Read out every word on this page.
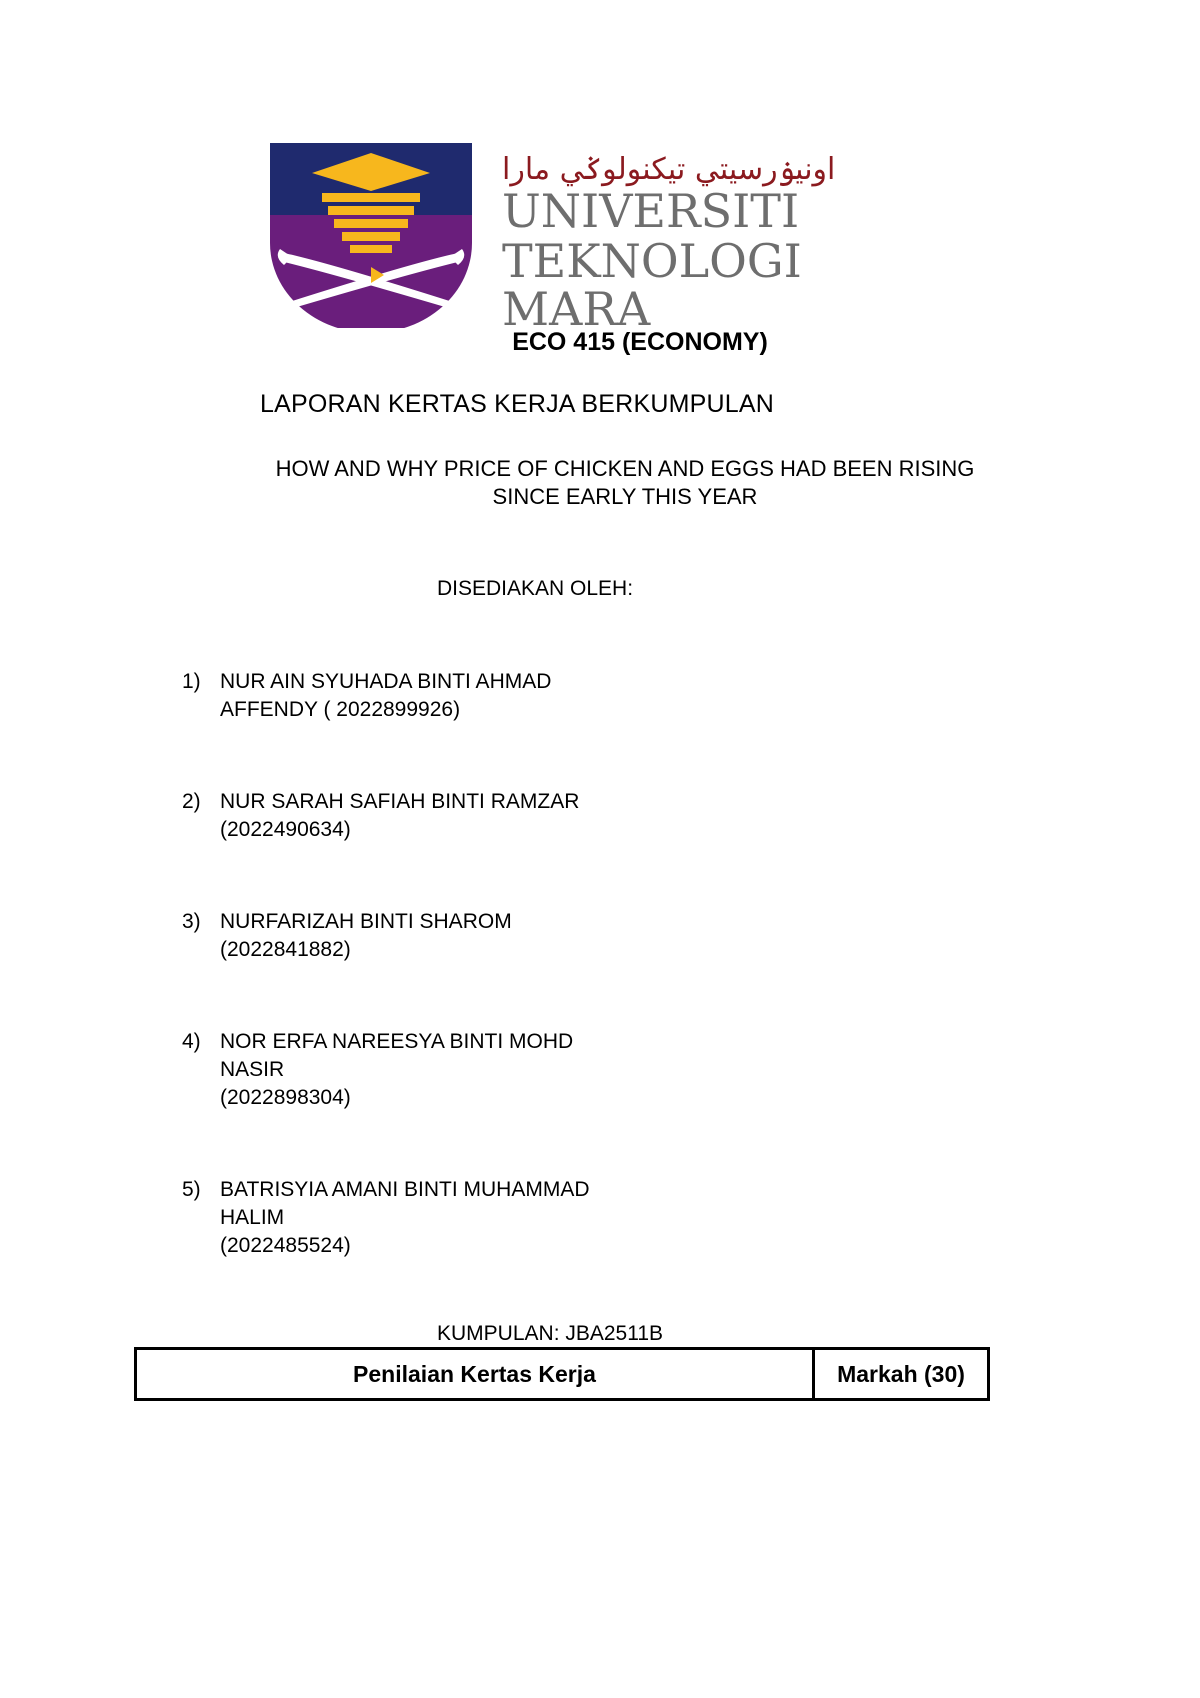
اونيۏرسيتي تيكنولوݢي مارا
UNIVERSITI
TEKNOLOGI
MARA
ECO 415 (ECONOMY)
LAPORAN KERTAS KERJA BERKUMPULAN
HOW AND WHY PRICE OF CHICKEN AND EGGS HAD BEEN RISING
SINCE EARLY THIS YEAR
DISEDIAKAN OLEH:
1) NUR AIN SYUHADA BINTI AHMAD
AFFENDY ( 2022899926)
2) NUR SARAH SAFIAH BINTI RAMZAR
(2022490634)
3) NURFARIZAH BINTI SHAROM
(2022841882)
4) NOR ERFA NAREESYA BINTI MOHD
NASIR
(2022898304)
5) BATRISYIA AMANI BINTI MUHAMMAD
HALIM
(2022485524)
KUMPULAN: JBA2511B
Penilaian Kertas Kerja	Markah (30)
